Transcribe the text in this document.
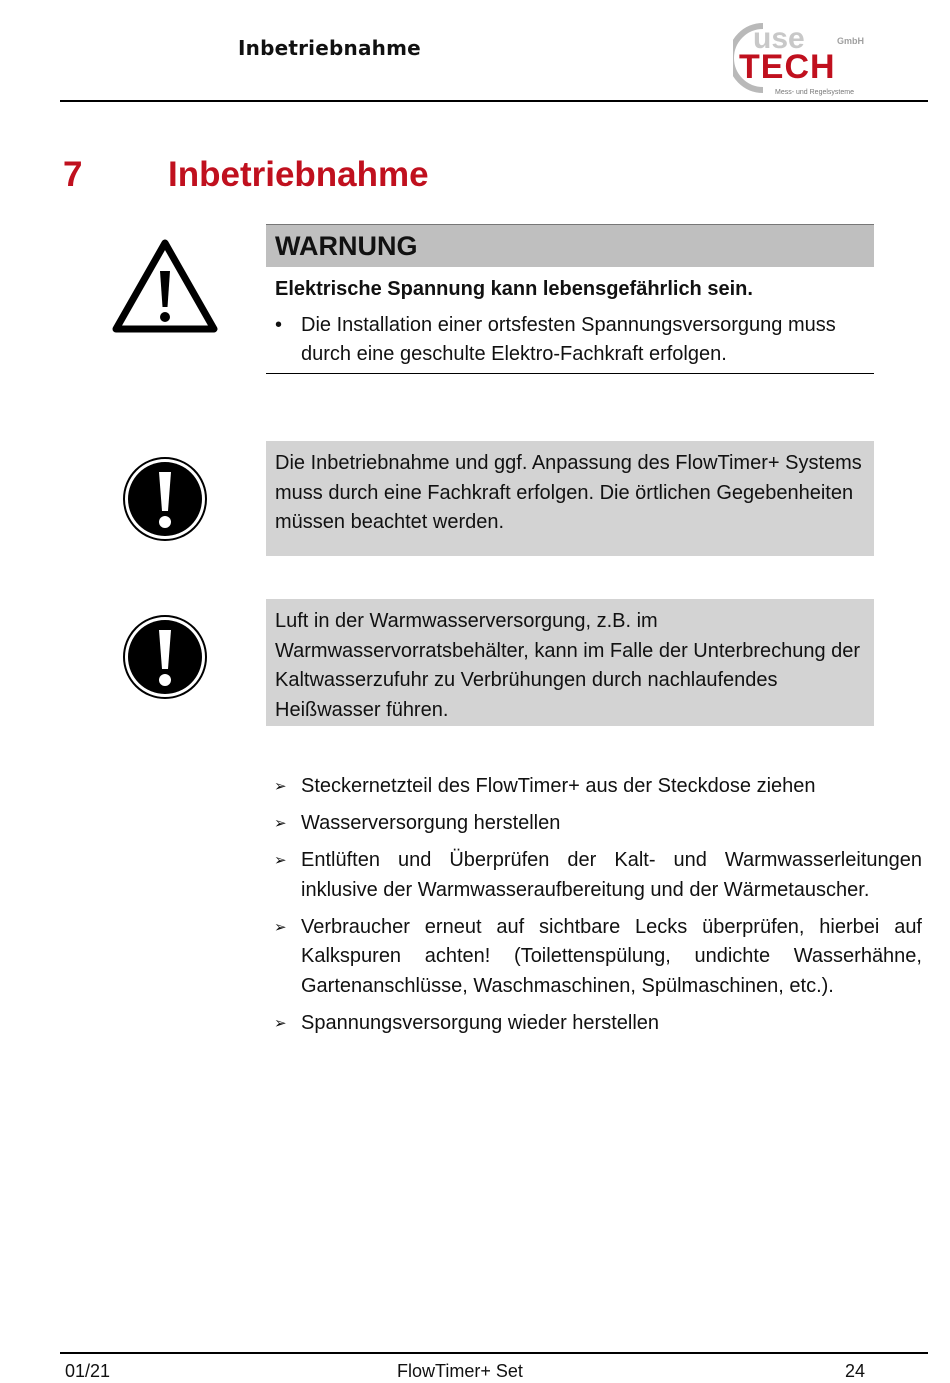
Inbetriebnahme	use	GmbH
TECH
Mess- und Regelsysteme
7 Inbetriebnahme
WARNUNG
Elektrische Spannung kann lebensgefährlich sein.
• Die Installation einer ortsfesten Spannungsversorgung muss durch eine geschulte Elektro-Fachkraft erfolgen.
Die Inbetriebnahme und ggf. Anpassung des FlowTimer+ Systems muss durch eine Fachkraft erfolgen. Die örtlichen Gegebenheiten müssen beachtet werden.
Luft in der Warmwasserversorgung, z.B. im Warmwasservorratsbehälter, kann im Falle der Unterbrechung der Kaltwasserzufuhr zu Verbrühungen durch nachlaufendes Heißwasser führen.
➢ Steckernetzteil des FlowTimer+ aus der Steckdose ziehen
➢ Wasserversorgung herstellen
➢ Entlüften und Überprüfen der Kalt- und Warmwasserleitungen inklusive der Warmwasseraufbereitung und der Wärmetauscher.
➢ Verbraucher erneut auf sichtbare Lecks überprüfen, hierbei auf Kalkspuren achten! (Toilettenspülung, undichte Wasserhähne, Gartenanschlüsse, Waschmaschinen, Spülmaschinen, etc.).
➢ Spannungsversorgung wieder herstellen
01/21	FlowTimer+ Set	24
